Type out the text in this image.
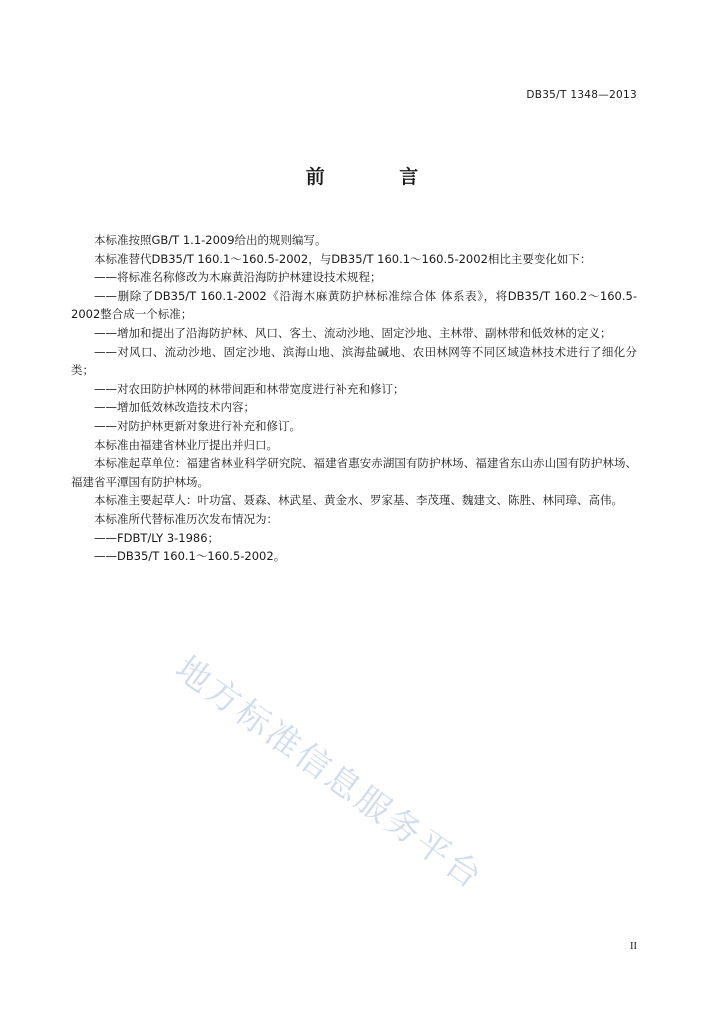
DB35/T 1348—2013
前 言

本标准按照GB/T 1.1-2009给出的规则编写。

本标准替代DB35/T 160.1～160.5-2002，与DB35/T 160.1～160.5-2002相比主要变化如下：

——将标准名称修改为木麻黄沿海防护林建设技术规程；

——删除了DB35/T 160.1-2002《沿海木麻黄防护林标准综合体 体系表》，将DB35/T 160.2～160.5-2002整合成一个标准；

——增加和提出了沿海防护林、风口、客土、流动沙地、固定沙地、主林带、副林带和低效林的定义；

——对风口、流动沙地、固定沙地、滨海山地、滨海盐碱地、农田林网等不同区域造林技术进行了细化分类；

——对农田防护林网的林带间距和林带宽度进行补充和修订；

——增加低效林改造技术内容；

——对防护林更新对象进行补充和修订。

本标准由福建省林业厅提出并归口。

本标准起草单位：福建省林业科学研究院、福建省惠安赤湖国有防护林场、福建省东山赤山国有防护林场、福建省平潭国有防护林场。

本标准主要起草人：叶功富、聂森、林武星、黄金水、罗家基、李茂瑾、魏建文、陈胜、林同璋、高伟。

本标准所代替标准历次发布情况为：

——FDBT/LY 3-1986；

——DB35/T 160.1～160.5-2002。

地方标准信息服务平台
II
